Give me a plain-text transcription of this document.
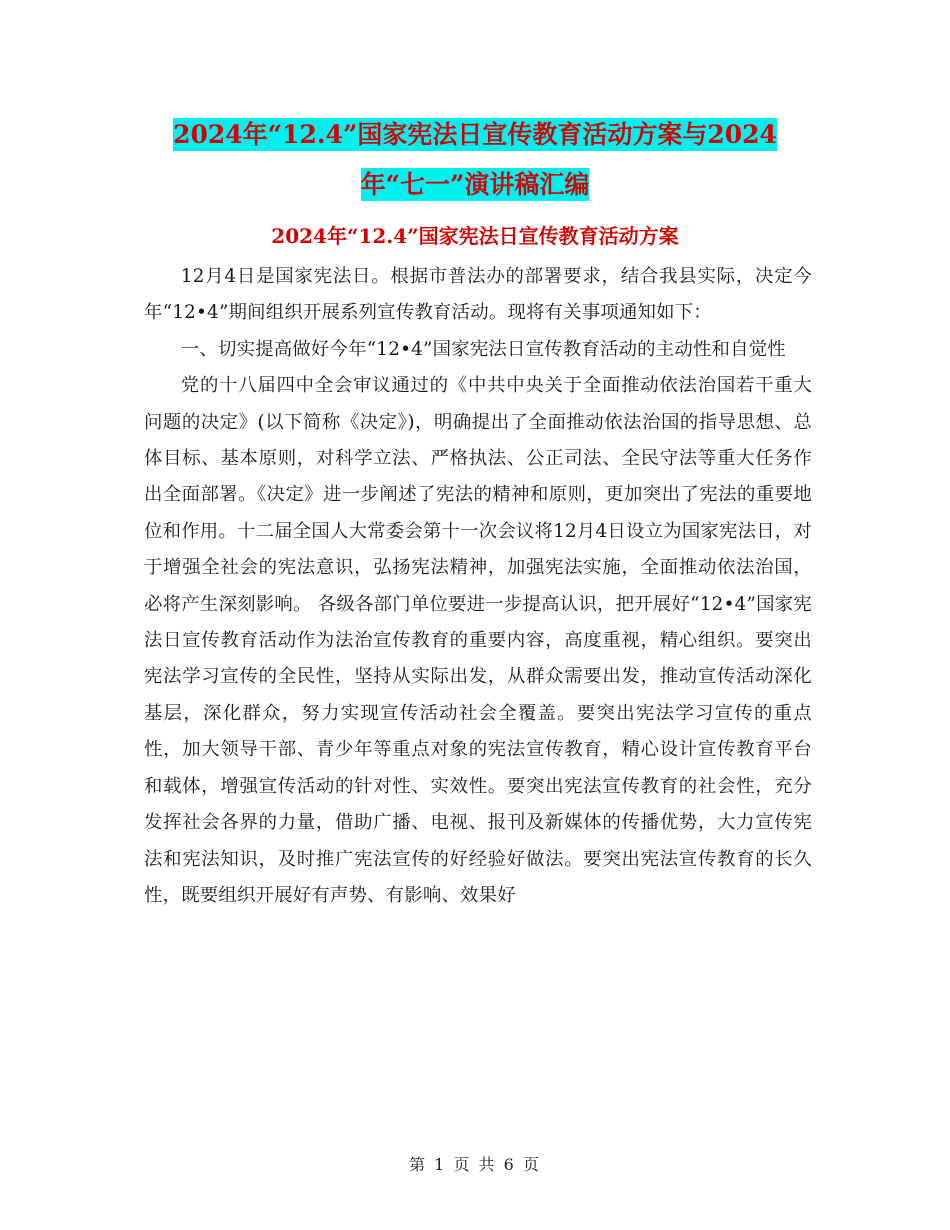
2024年“12.4”国家宪法日宣传教育活动方案与2024
年“七一”演讲稿汇编
2024年“12.4”国家宪法日宣传教育活动方案

12月4日是国家宪法日。根据市普法办的部署要求，结合我县实际，决定今年“12•4”期间组织开展系列宣传教育活动。现将有关事项通知如下：

一、切实提高做好今年“12•4”国家宪法日宣传教育活动的主动性和自觉性

党的十八届四中全会审议通过的《中共中央关于全面推动依法治国若干重大问题的决定》(以下简称《决定》)，明确提出了全面推动依法治国的指导思想、总体目标、基本原则，对科学立法、严格执法、公正司法、全民守法等重大任务作出全面部署。《决定》进一步阐述了宪法的精神和原则，更加突出了宪法的重要地位和作用。十二届全国人大常委会第十一次会议将12月4日设立为国家宪法日，对于增强全社会的宪法意识，弘扬宪法精神，加强宪法实施，全面推动依法治国，必将产生深刻影响。 各级各部门单位要进一步提高认识，把开展好“12•4”国家宪法日宣传教育活动作为法治宣传教育的重要内容，高度重视，精心组织。要突出宪法学习宣传的全民性，坚持从实际出发，从群众需要出发，推动宣传活动深化基层，深化群众，努力实现宣传活动社会全覆盖。要突出宪法学习宣传的重点性，加大领导干部、青少年等重点对象的宪法宣传教育，精心设计宣传教育平台和载体，增强宣传活动的针对性、实效性。要突出宪法宣传教育的社会性，充分发挥社会各界的力量，借助广播、电视、报刊及新媒体的传播优势，大力宣传宪法和宪法知识，及时推广宪法宣传的好经验好做法。要突出宪法宣传教育的长久性，既要组织开展好有声势、有影响、效果好

第 1 页 共 6 页
